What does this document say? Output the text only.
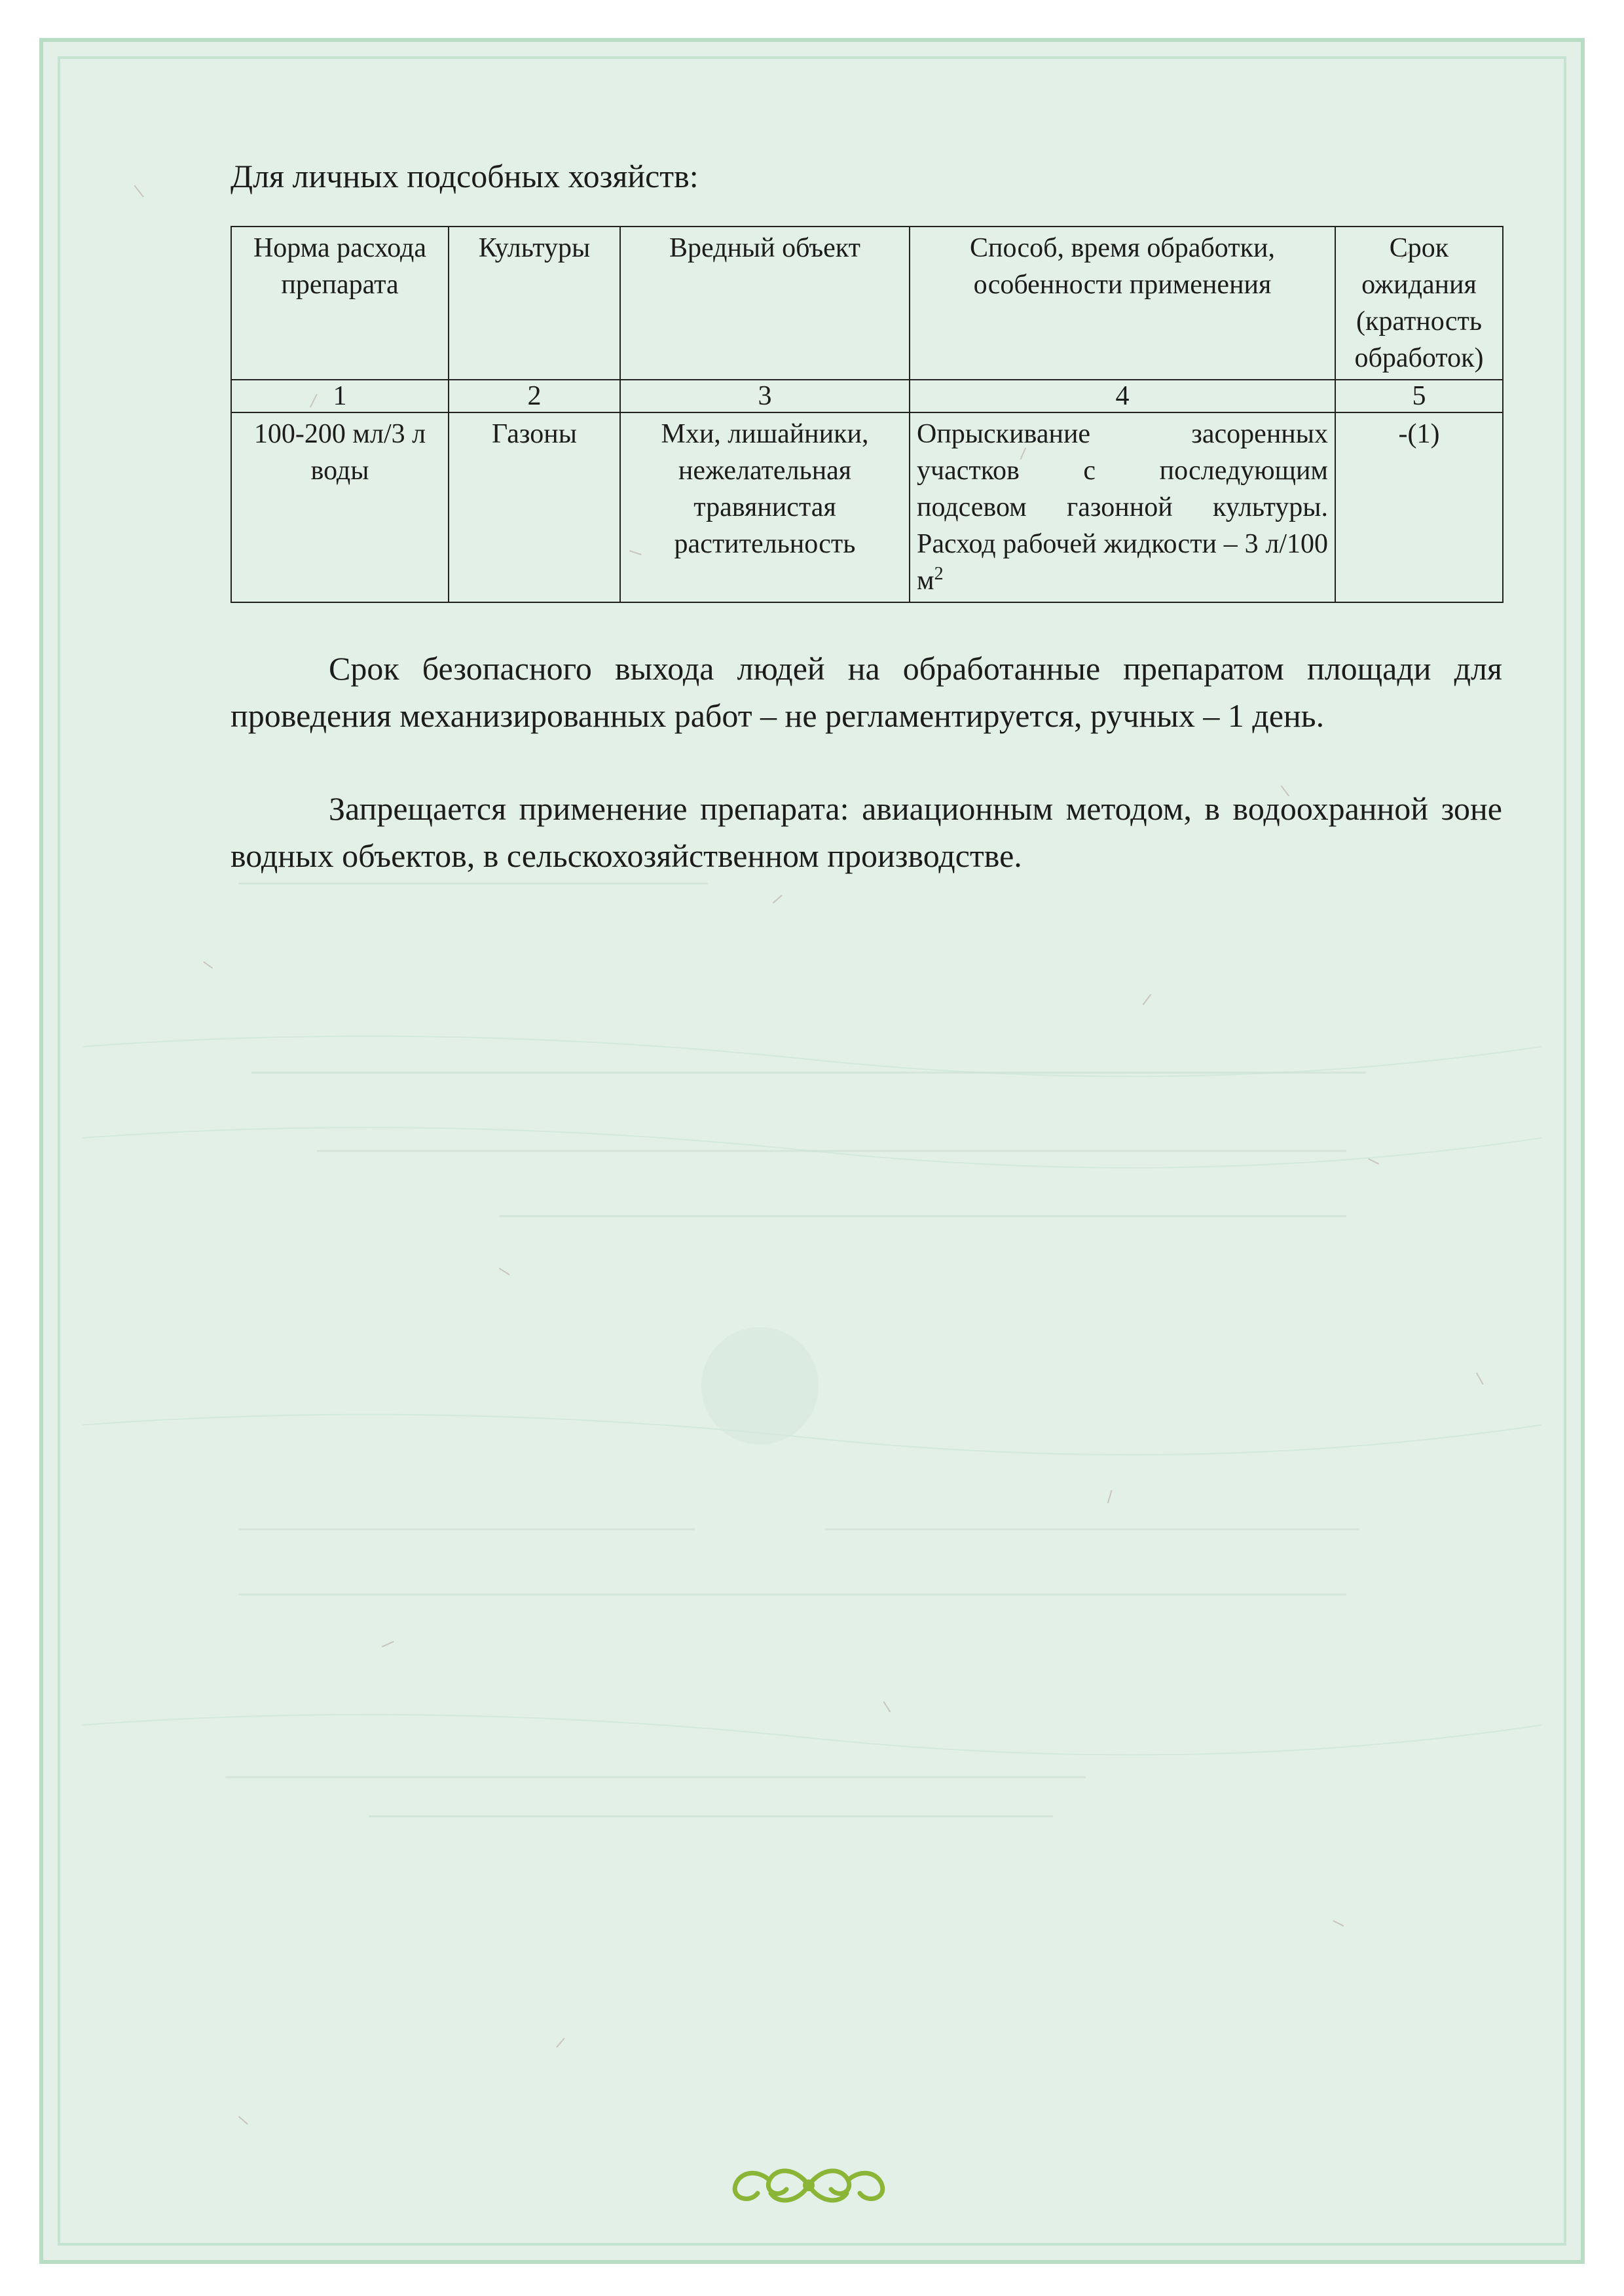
Для личных подсобных хозяйств:

Норма расхода препарата	Культуры	Вредный объект	Способ, время обработки, особенности применения	Срок ожидания (кратность обработок)
1	2	3	4	5
100-200 мл/3 л воды	Газоны	Мхи, лишайники, нежелательная травянистая растительность	Опрыскивание засоренных участков с последующим подсевом газонной культуры. Расход рабочей жидкости – 3 л/100 $м^2$	-(1)

Срок безопасного выхода людей на обработанные препаратом площади для проведения механизированных работ – не регламентируется, ручных – 1 день.

Запрещается применение препарата: авиационным методом, в водоохранной зоне водных объектов, в сельскохозяйственном производстве.
